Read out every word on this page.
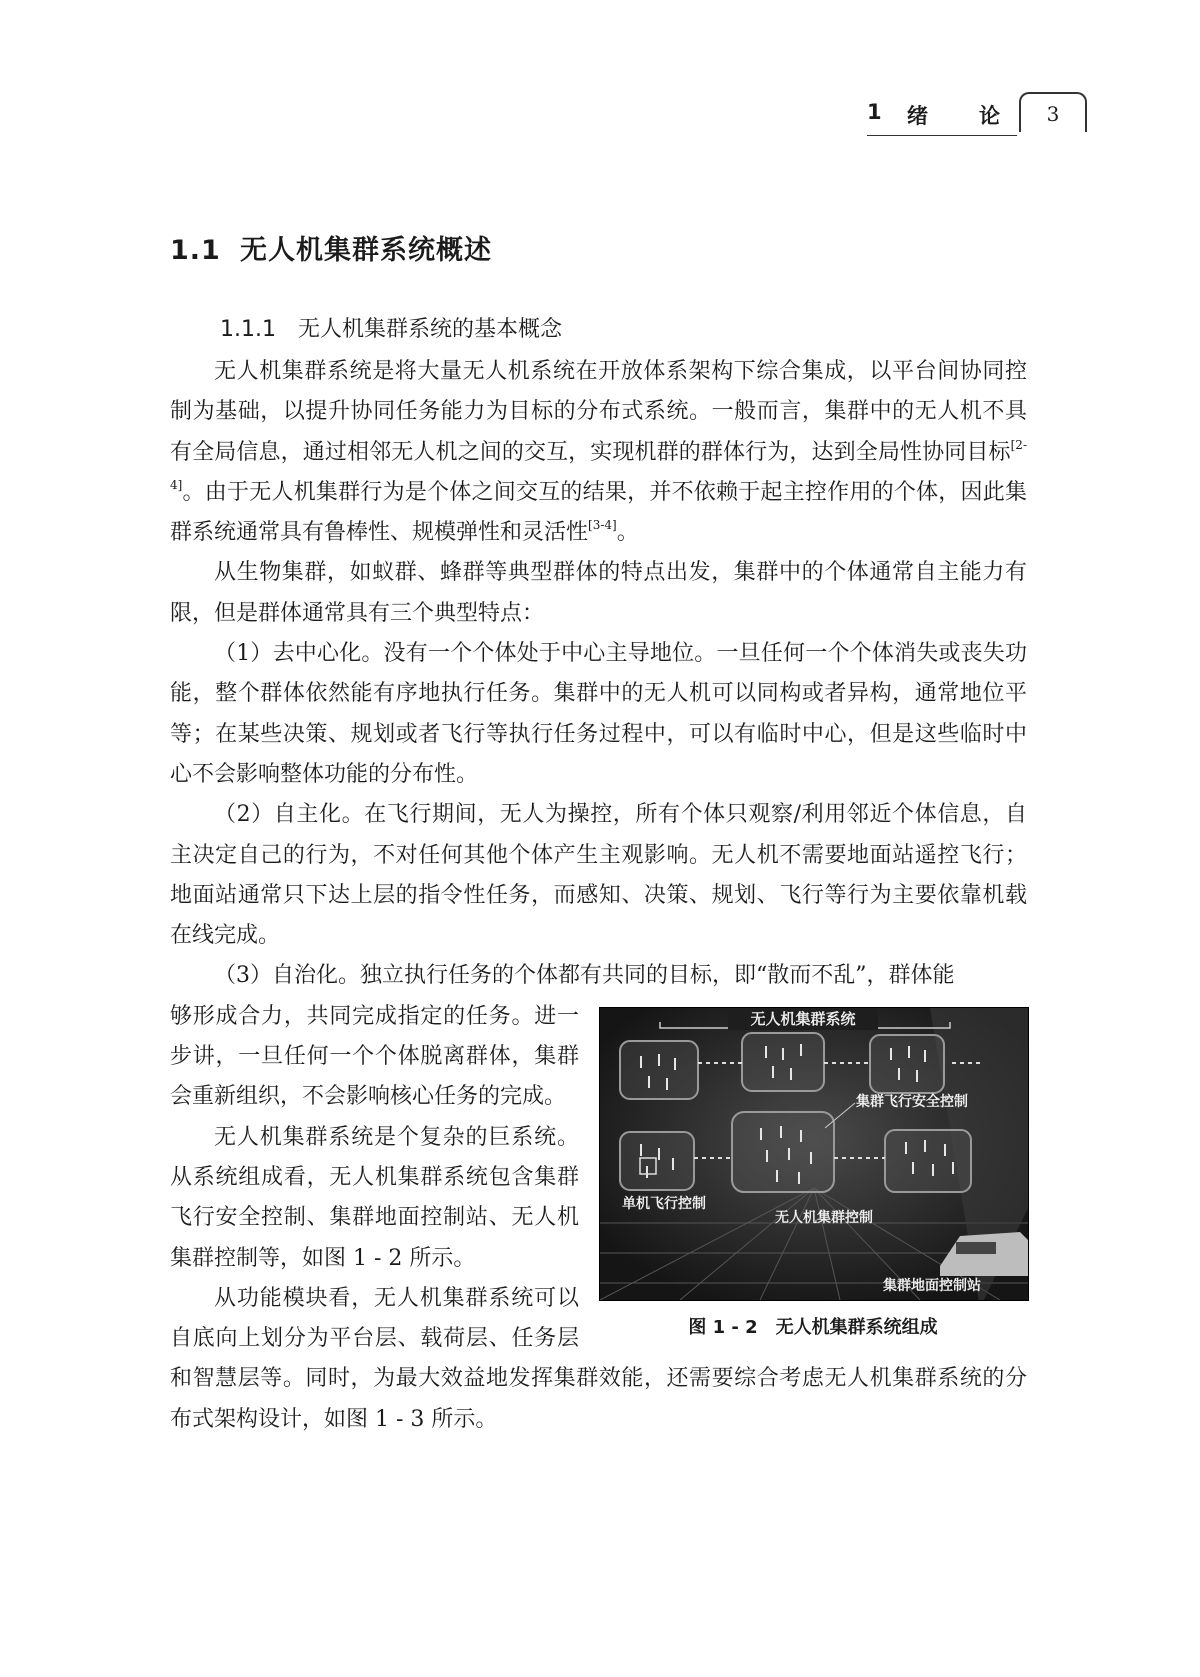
1 绪 论	3
1.1 无人机集群系统概述
1.1.1 无人机集群系统的基本概念

无人机集群系统是将大量无人机系统在开放体系架构下综合集成，以平台间协同控制为基础，以提升协同任务能力为目标的分布式系统。一般而言，集群中的无人机不具有全局信息，通过相邻无人机之间的交互，实现机群的群体行为，达到全局性协同目标[2-4]。由于无人机集群行为是个体之间交互的结果，并不依赖于起主控作用的个体，因此集群系统通常具有鲁棒性、规模弹性和灵活性[3-4]。

从生物集群，如蚁群、蜂群等典型群体的特点出发，集群中的个体通常自主能力有限，但是群体通常具有三个典型特点：

（1）去中心化。没有一个个体处于中心主导地位。一旦任何一个个体消失或丧失功能，整个群体依然能有序地执行任务。集群中的无人机可以同构或者异构，通常地位平等；在某些决策、规划或者飞行等执行任务过程中，可以有临时中心，但是这些临时中心不会影响整体功能的分布性。

（2）自主化。在飞行期间，无人为操控，所有个体只观察/利用邻近个体信息，自主决定自己的行为，不对任何其他个体产生主观影响。无人机不需要地面站遥控飞行；地面站通常只下达上层的指令性任务，而感知、决策、规划、飞行等行为主要依靠机载在线完成。

（3）自治化。独立执行任务的个体都有共同的目标，即“散而不乱”，群体能

无人机集群系统
集群飞行安全控制
单机飞行控制
无人机集群控制
集群地面控制站
图 1 - 2 无人机集群系统组成

够形成合力，共同完成指定的任务。进一步讲，一旦任何一个个体脱离群体，集群会重新组织，不会影响核心任务的完成。

无人机集群系统是个复杂的巨系统。从系统组成看，无人机集群系统包含集群飞行安全控制、集群地面控制站、无人机集群控制等，如图 1 - 2 所示。

从功能模块看，无人机集群系统可以自底向上划分为平台层、载荷层、任务层和智慧层等。同时，为最大效益地发挥集群效能，还需要综合考虑无人机集群系统的分布式架构设计，如图 1 - 3 所示。
